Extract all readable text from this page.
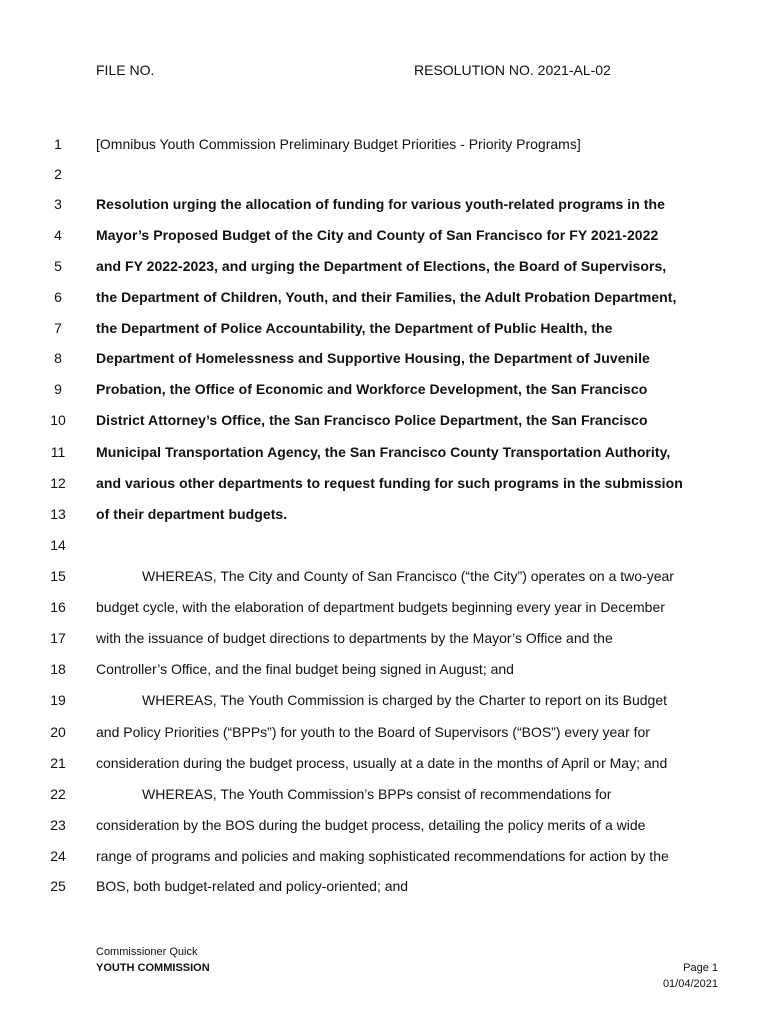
FILE NO.	RESOLUTION NO. 2021-AL-02
1	[Omnibus Youth Commission Preliminary Budget Priorities - Priority Programs]
2
3	Resolution urging the allocation of funding for various youth-related programs in the
4	Mayor’s Proposed Budget of the City and County of San Francisco for FY 2021-2022
5	and FY 2022-2023, and urging the Department of Elections, the Board of Supervisors,
6	the Department of Children, Youth, and their Families, the Adult Probation Department,
7	the Department of Police Accountability, the Department of Public Health, the
8	Department of Homelessness and Supportive Housing, the Department of Juvenile
9	Probation, the Office of Economic and Workforce Development, the San Francisco
10 District Attorney’s Office, the San Francisco Police Department, the San Francisco
11 Municipal Transportation Agency, the San Francisco County Transportation Authority,
12 and various other departments to request funding for such programs in the submission
13 of their department budgets.
14
15	WHEREAS, The City and County of San Francisco (“the City”) operates on a two-year
16 budget cycle, with the elaboration of department budgets beginning every year in December
17 with the issuance of budget directions to departments by the Mayor’s Office and the
18 Controller’s Office, and the final budget being signed in August; and
19	WHEREAS, The Youth Commission is charged by the Charter to report on its Budget
20 and Policy Priorities (“BPPs”) for youth to the Board of Supervisors (“BOS”) every year for
21 consideration during the budget process, usually at a date in the months of April or May; and
22	WHEREAS, The Youth Commission’s BPPs consist of recommendations for
23 consideration by the BOS during the budget process, detailing the policy merits of a wide
24 range of programs and policies and making sophisticated recommendations for action by the
25 BOS, both budget-related and policy-oriented; and
Commissioner Quick
YOUTH COMMISSION	Page 1
01/04/2021
